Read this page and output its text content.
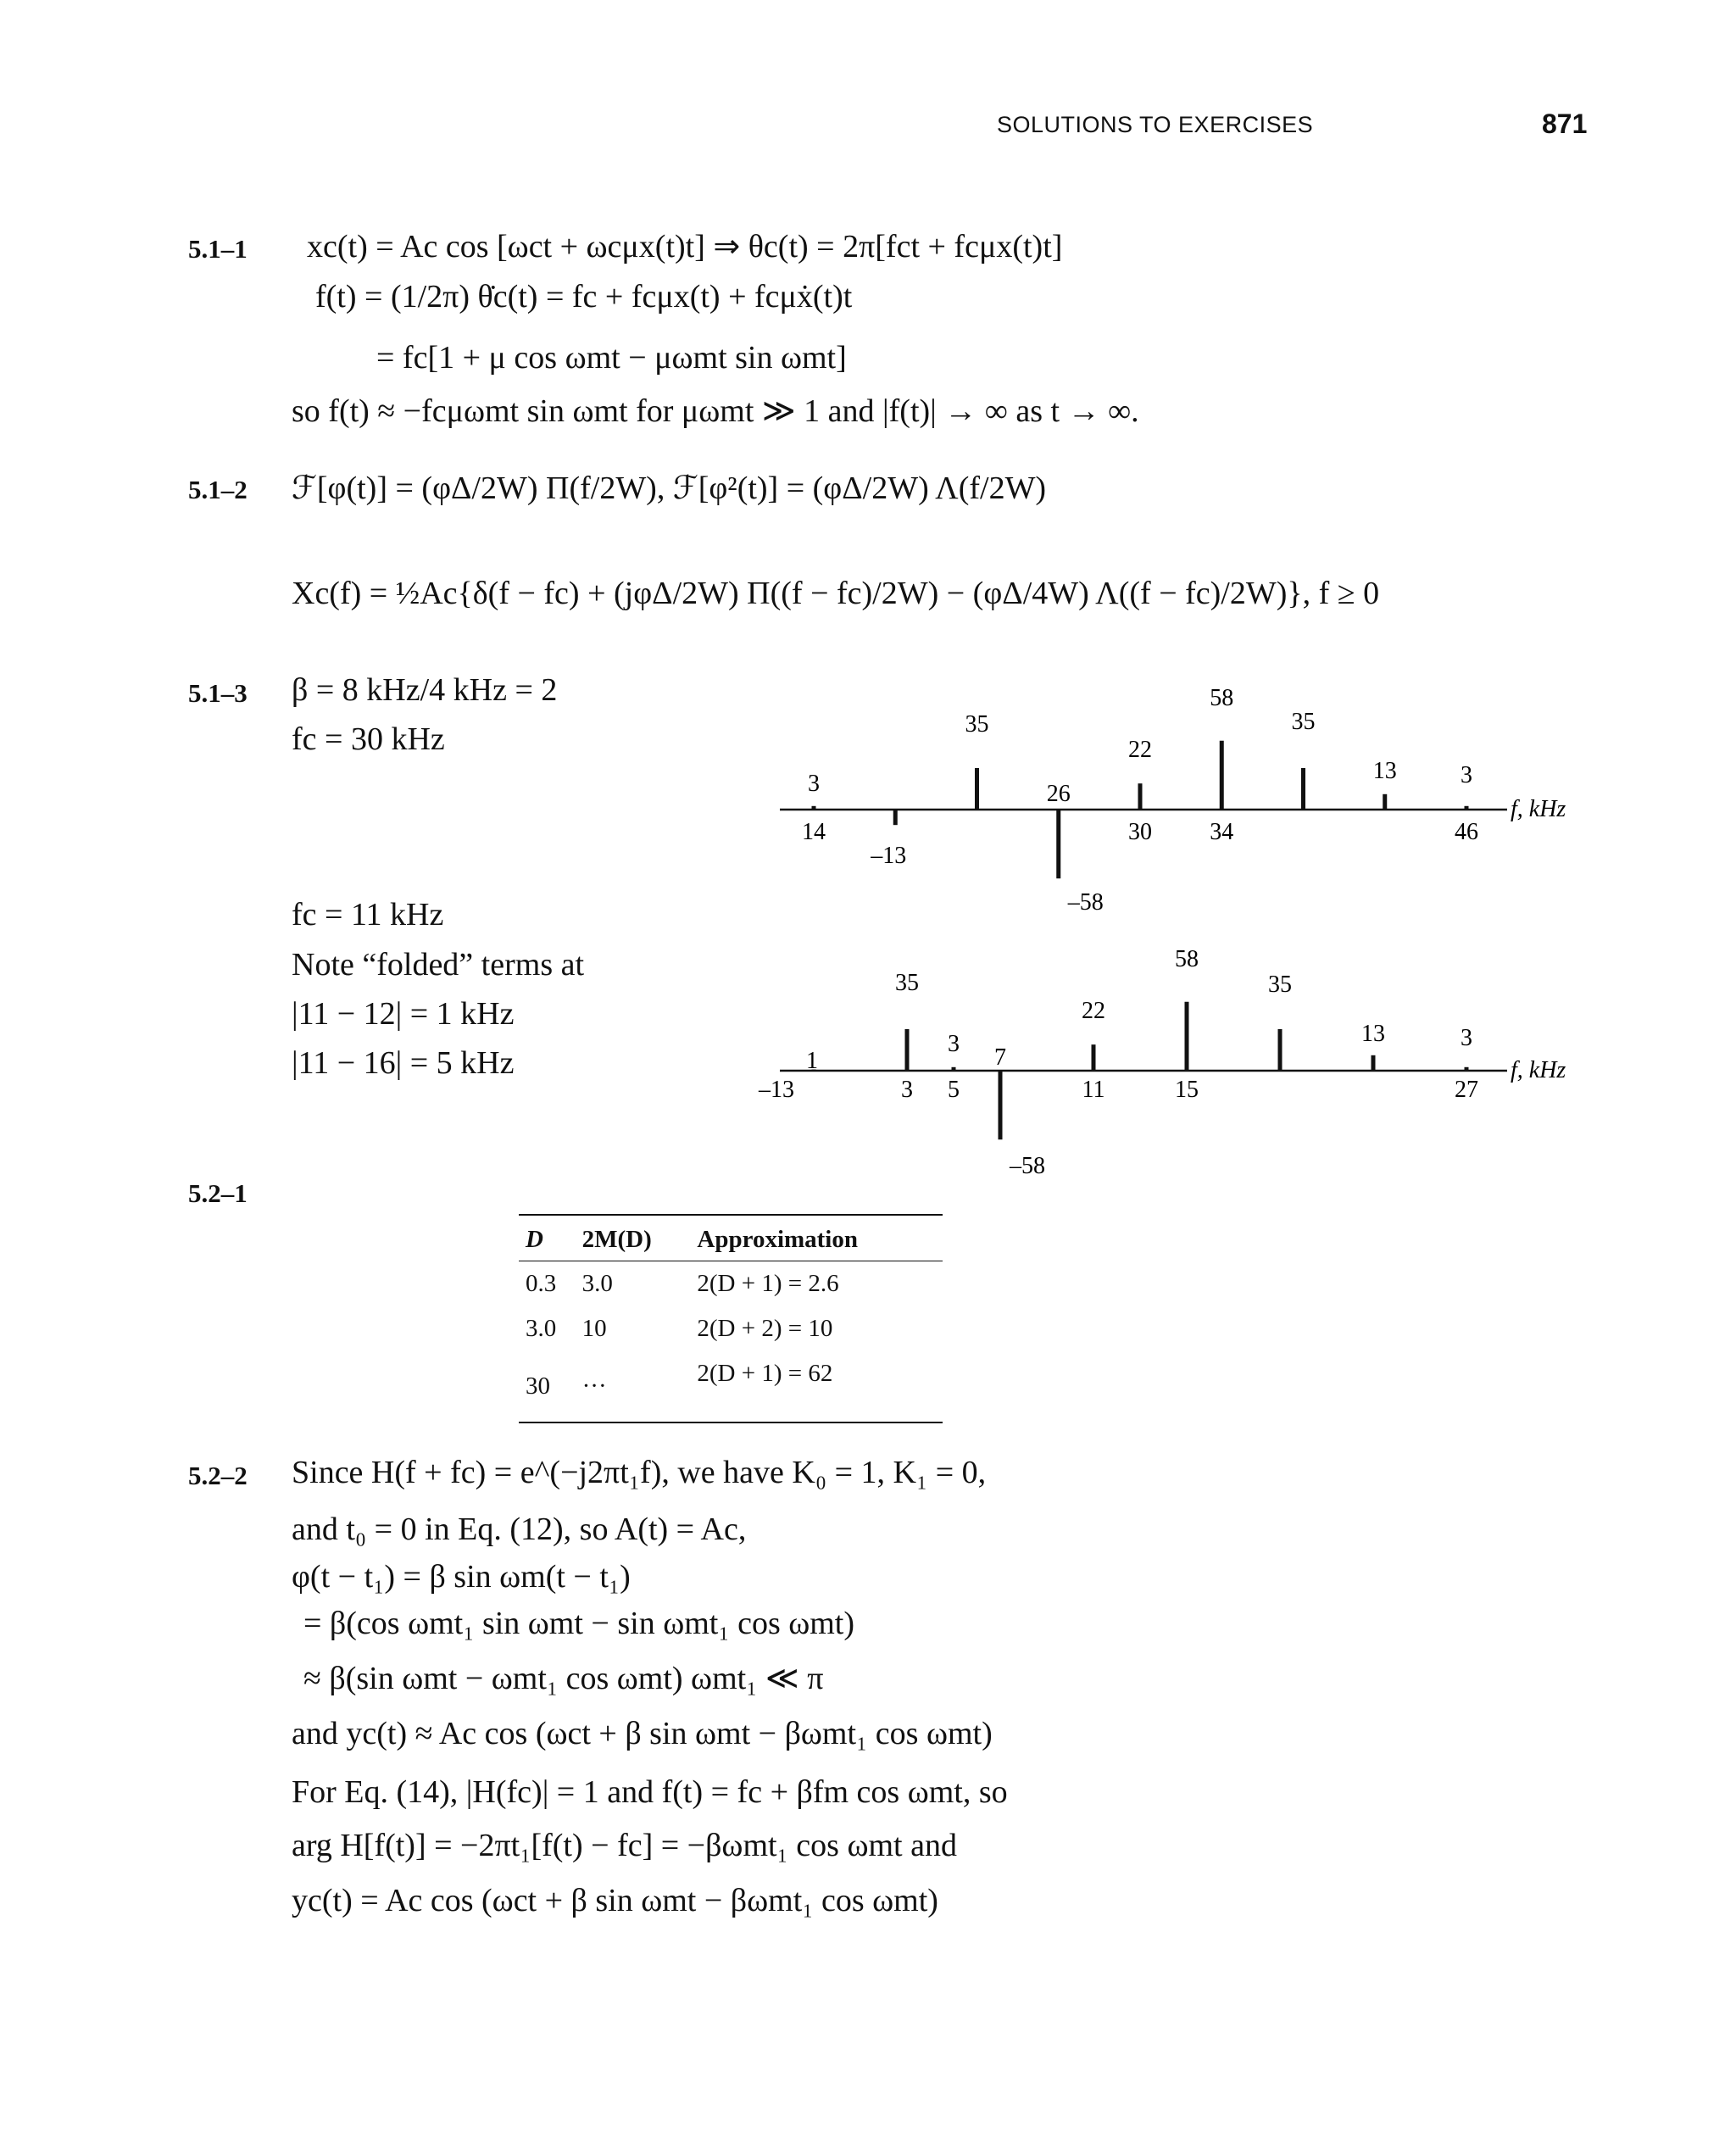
SOLUTIONS TO EXERCISES	871
5.1–1 xc(t) = Ac cos [ωct + ωcμx(t)t] ⇒ θc(t) = 2π[fct + fcμx(t)t]
f(t) = (1/2π) θ̇c(t) = fc + fcμx(t) + fcμẋ(t)t
= fc[1 + μ cos ωmt − μωmt sin ωmt]
so f(t) ≈ −fcμωmt sin ωmt for μωmt ≫ 1 and |f(t)| → ∞ as t → ∞.
5.1–2 ℱ[φ(t)] = (φΔ/2W) Π(f/2W), ℱ[φ²(t)] = (φΔ/2W) Λ(f/2W)
Xc(f) = ½Ac{δ(f − fc) + (jφΔ/2W) Π((f − fc)/2W) − (φΔ/4W) Λ((f − fc)/2W)}, f ≥ 0
5.1–3 β = 8 kHz/4 kHz = 2
fc = 30 kHz
fc = 11 kHz
Note “folded” terms at
|11 − 12| = 1 kHz
|11 − 16| = 5 kHz
f, kHz
3
14
–13
35
26
–58
22
30
58
34
35
13	3
46
f, kHz
1
–13
35
3
3
5
7
22
11
–58
58
15
35
13	3
27
5.2–1
D	2M(D)	Approximation
0.3	3.0	2(D + 1) = 2.6
3.0	10	2(D + 2) = 10
30	···	2(D + 1) = 62
5.2–2 Since H(f + fc) = e^(−j2πt₁f), we have K₀ = 1, K₁ = 0,
and t₀ = 0 in Eq. (12), so A(t) = Ac,
φ(t − t₁) = β sin ωm(t − t₁)
= β(cos ωmt₁ sin ωmt − sin ωmt₁ cos ωmt)
≈ β(sin ωmt − ωmt₁ cos ωmt) ωmt₁ ≪ π
and yc(t) ≈ Ac cos (ωct + β sin ωmt − βωmt₁ cos ωmt)
For Eq. (14), |H(fc)| = 1 and f(t) = fc + βfm cos ωmt, so
arg H[f(t)] = −2πt₁[f(t) − fc] = −βωmt₁ cos ωmt and
yc(t) = Ac cos (ωct + β sin ωmt − βωmt₁ cos ωmt)
